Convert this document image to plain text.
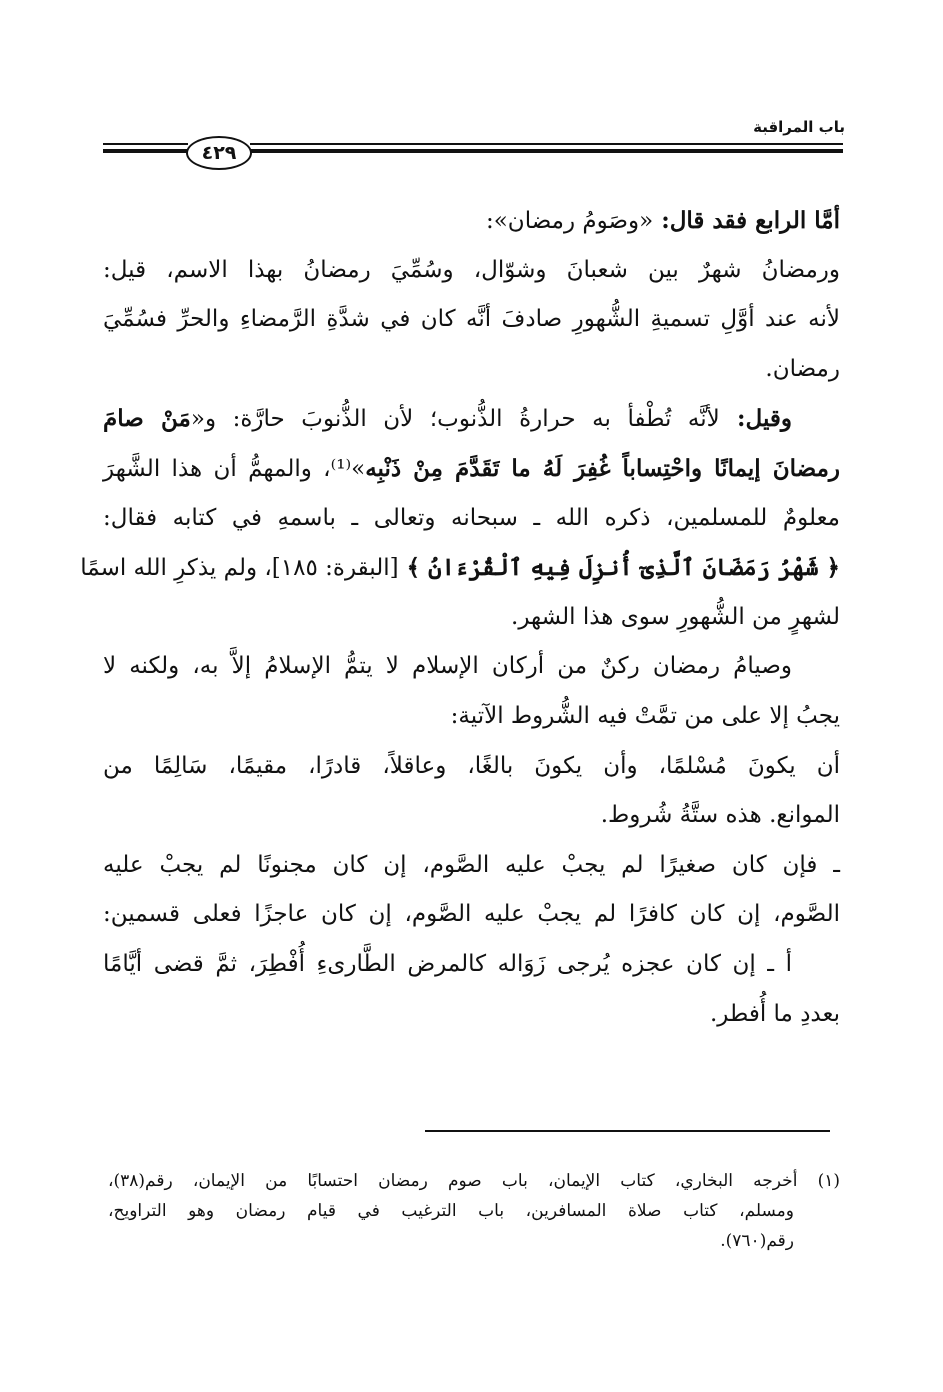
باب المراقبة
٤٢٩
أمَّا الرابع فقد قال: «وصَومُ رمضان»:
ورمضانُ شهرٌ بين شعبانَ وشوّال، وسُمِّيَ رمضانُ بهذا الاسم، قيل:
لأنه عند أوَّلِ تسميةِ الشُّهورِ صادفَ أنَّه كان في شدَّةِ الرَّمضاءِ والحرِّ فسُمِّيَ
رمضان.
وقيل: لأنَّه تُطْفأ به حرارةُ الذُّنوب؛ لأن الذُّنوبَ حارَّة: و«مَنْ صامَ
رمضانَ إيمانًا واحْتِساباً غُفِرَ لَهُ ما تَقَدَّمَ مِنْ ذَنْبِه»⁽¹⁾، والمهمُّ أن هذا الشَّهرَ
معلومٌ للمسلمين، ذكره الله ـ سبحانه وتعالى ـ باسمهِ في كتابه فقال:
﴿ شَهْرُ رَمَضَانَ ٱلَّذِىٓ أُنزِلَ فِيهِ ٱلْقُرْءَانُ ﴾ [البقرة: ١٨٥]، ولم يذكرِ الله اسمًا
لشهرٍ من الشُّهورِ سوى هذا الشهر.
وصيامُ رمضان ركنٌ من أركان الإسلام لا يتمُّ الإسلامُ إلاَّ به، ولكنه لا
يجبُ إلا على من تمَّتْ فيه الشُّروط الآتية:
أن يكونَ مُسْلمًا، وأن يكونَ بالغًا، وعاقلاً، قادرًا، مقيمًا، سَالِمًا من
الموانع. هذه ستَّةُ شُروط.
ـ فإن كان صغيرًا لم يجبْ عليه الصَّوم، إن كان مجنونًا لم يجبْ عليه
الصَّوم، إن كان كافرًا لم يجبْ عليه الصَّوم، إن كان عاجزًا فعلى قسمين:
أ ـ إن كان عجزه يُرجى زَوَاله كالمرض الطَّارىءِ أُفْطِرَ، ثمَّ قضى أيَّامًا
بعددِ ما أُفطر.
(١) أخرجه البخاري، كتاب الإيمان، باب صوم رمضان احتسابًا من الإيمان، رقم(٣٨)،
ومسلم، كتاب صلاة المسافرين، باب الترغيب في قيام رمضان وهو التراويح،
رقم(٧٦٠).
